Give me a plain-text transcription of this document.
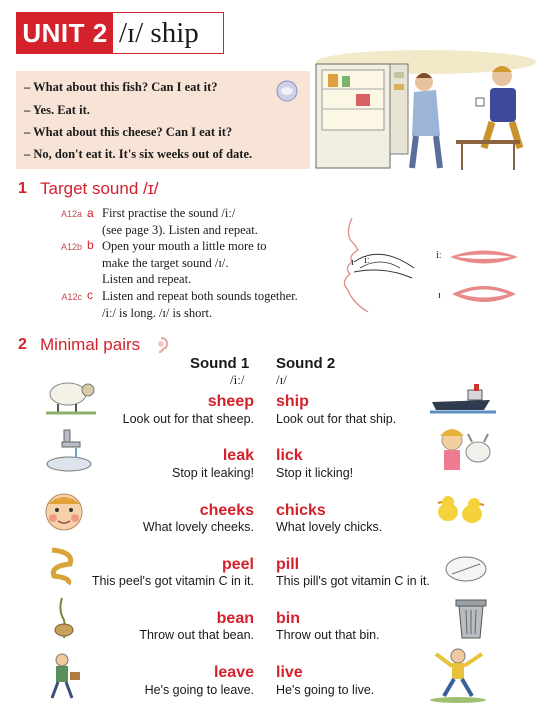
UNIT 2 /ɪ/ ship
– What about this fish? Can I eat it?
– Yes. Eat it.
– What about this cheese? Can I eat it?
– No, don't eat it. It's six weeks out of date.
1 Target sound /ɪ/
A12a a First practise the sound /iː/
(see page 3). Listen and repeat.
A12b b Open your mouth a little more to
make the target sound /ɪ/.
Listen and repeat.
A12c c Listen and repeat both sounds together.
/iː/ is long. /ɪ/ is short.
ɪ iː	iː
ɪ
2 Minimal pairs
Sound 1
/iː/
Sound 2
/ɪ/
sheep
Look out for that sheep.
ship
Look out for that ship.
leak
Stop it leaking!
lick
Stop it licking!
cheeks
What lovely cheeks.
chicks
What lovely chicks.
peel
This peel's got vitamin C in it.
pill
This pill's got vitamin C in it.
bean
Throw out that bean.
bin
Throw out that bin.
leave
He's going to leave.
live
He's going to live.
